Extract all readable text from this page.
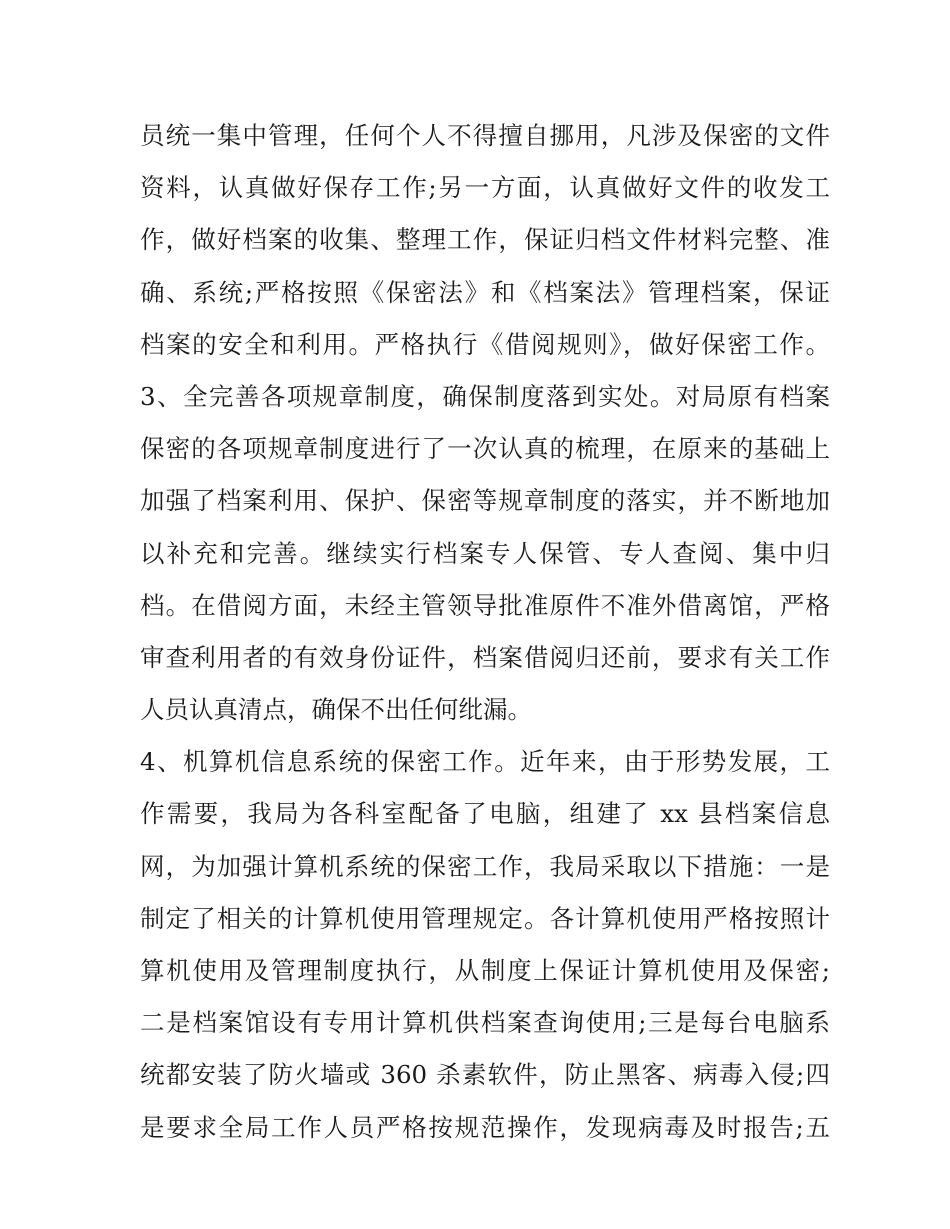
员统一集中管理，任何个人不得擅自挪用，凡涉及保密的文件
资料，认真做好保存工作;另一方面，认真做好文件的收发工
作，做好档案的收集、整理工作，保证归档文件材料完整、准
确、系统;严格按照《保密法》和《档案法》管理档案，保证
档案的安全和利用。严格执行《借阅规则》，做好保密工作。
3、全完善各项规章制度，确保制度落到实处。对局原有档案
保密的各项规章制度进行了一次认真的梳理，在原来的基础上
加强了档案利用、保护、保密等规章制度的落实，并不断地加
以补充和完善。继续实行档案专人保管、专人查阅、集中归
档。在借阅方面，未经主管领导批准原件不准外借离馆，严格
审查利用者的有效身份证件，档案借阅归还前，要求有关工作
人员认真清点，确保不出任何纰漏。
4、机算机信息系统的保密工作。近年来，由于形势发展，工
作需要，我局为各科室配备了电脑，组建了 xx 县档案信息
网，为加强计算机系统的保密工作，我局采取以下措施：一是
制定了相关的计算机使用管理规定。各计算机使用严格按照计
算机使用及管理制度执行，从制度上保证计算机使用及保密;
二是档案馆设有专用计算机供档案查询使用;三是每台电脑系
统都安装了防火墙或 360 杀素软件，防止黑客、病毒入侵;四
是要求全局工作人员严格按规范操作，发现病毒及时报告;五
